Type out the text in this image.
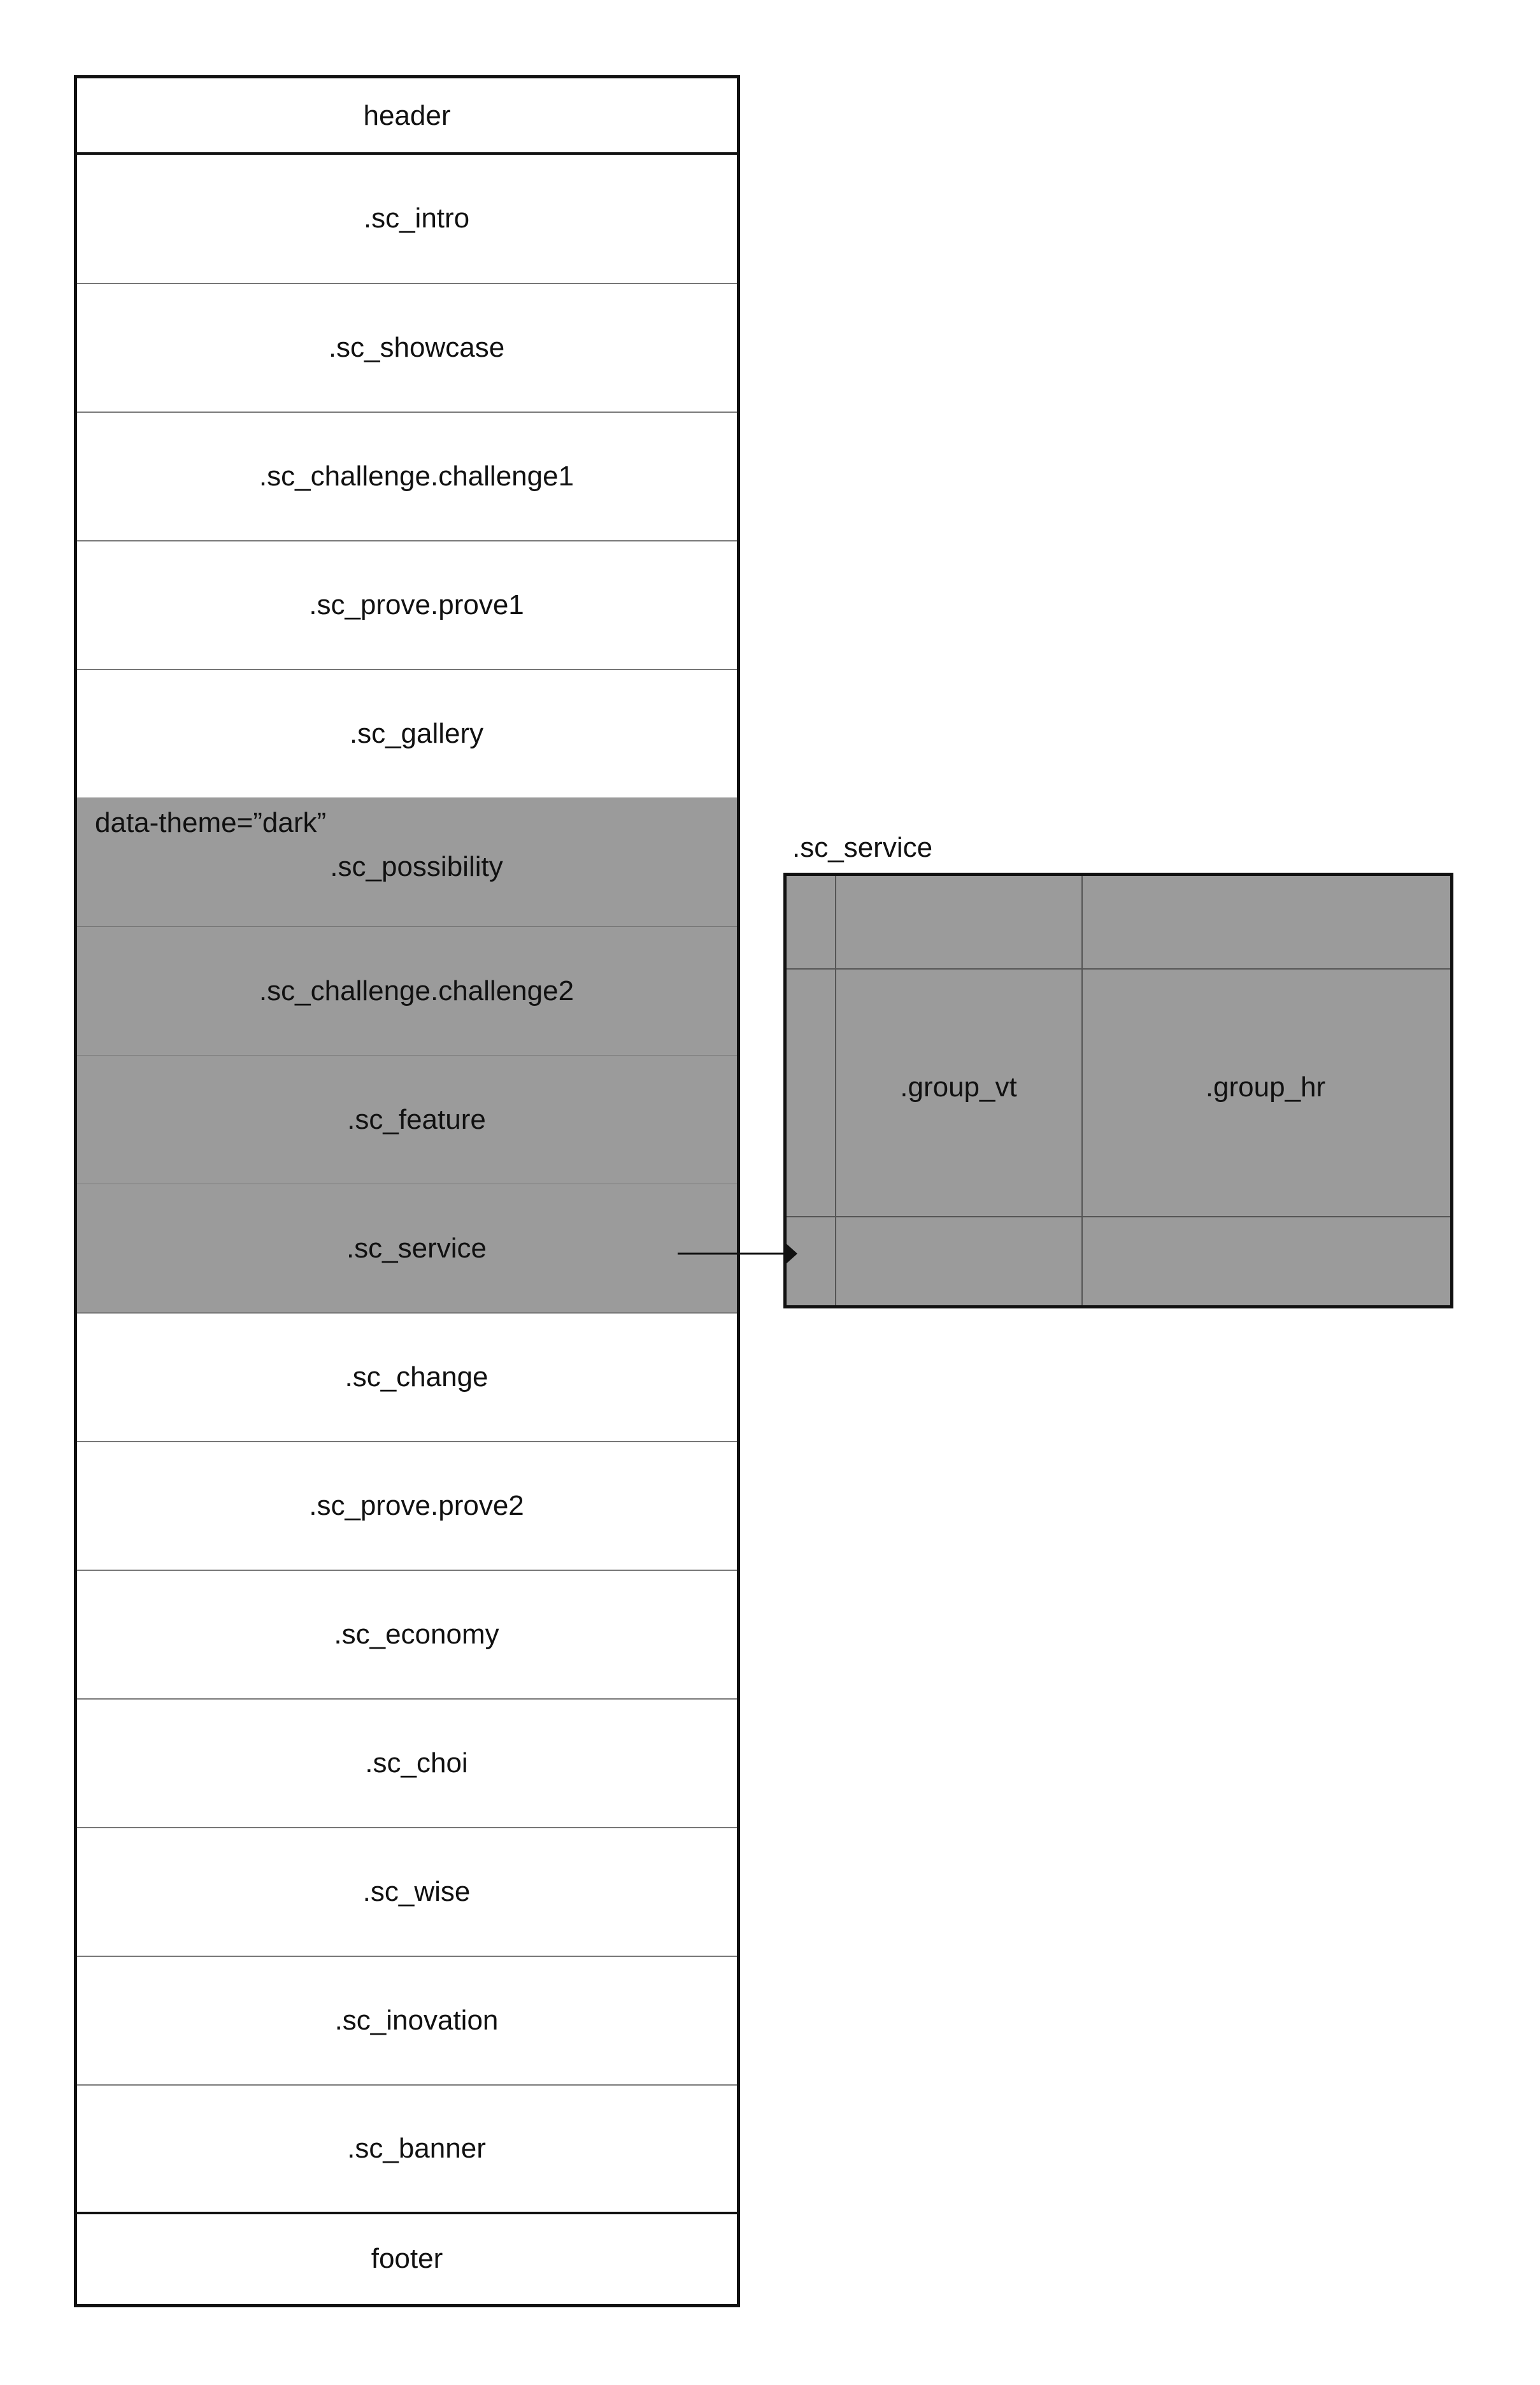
header
.sc_intro
.sc_showcase
.sc_challenge.challenge1
.sc_prove.prove1
.sc_gallery
data-theme=”dark”
.sc_possibility
.sc_challenge.challenge2
.sc_feature
.sc_service
.sc_change
.sc_prove.prove2
.sc_economy
.sc_choi
.sc_wise
.sc_inovation
.sc_banner
footer
.sc_service
.group_vt	.group_hr
